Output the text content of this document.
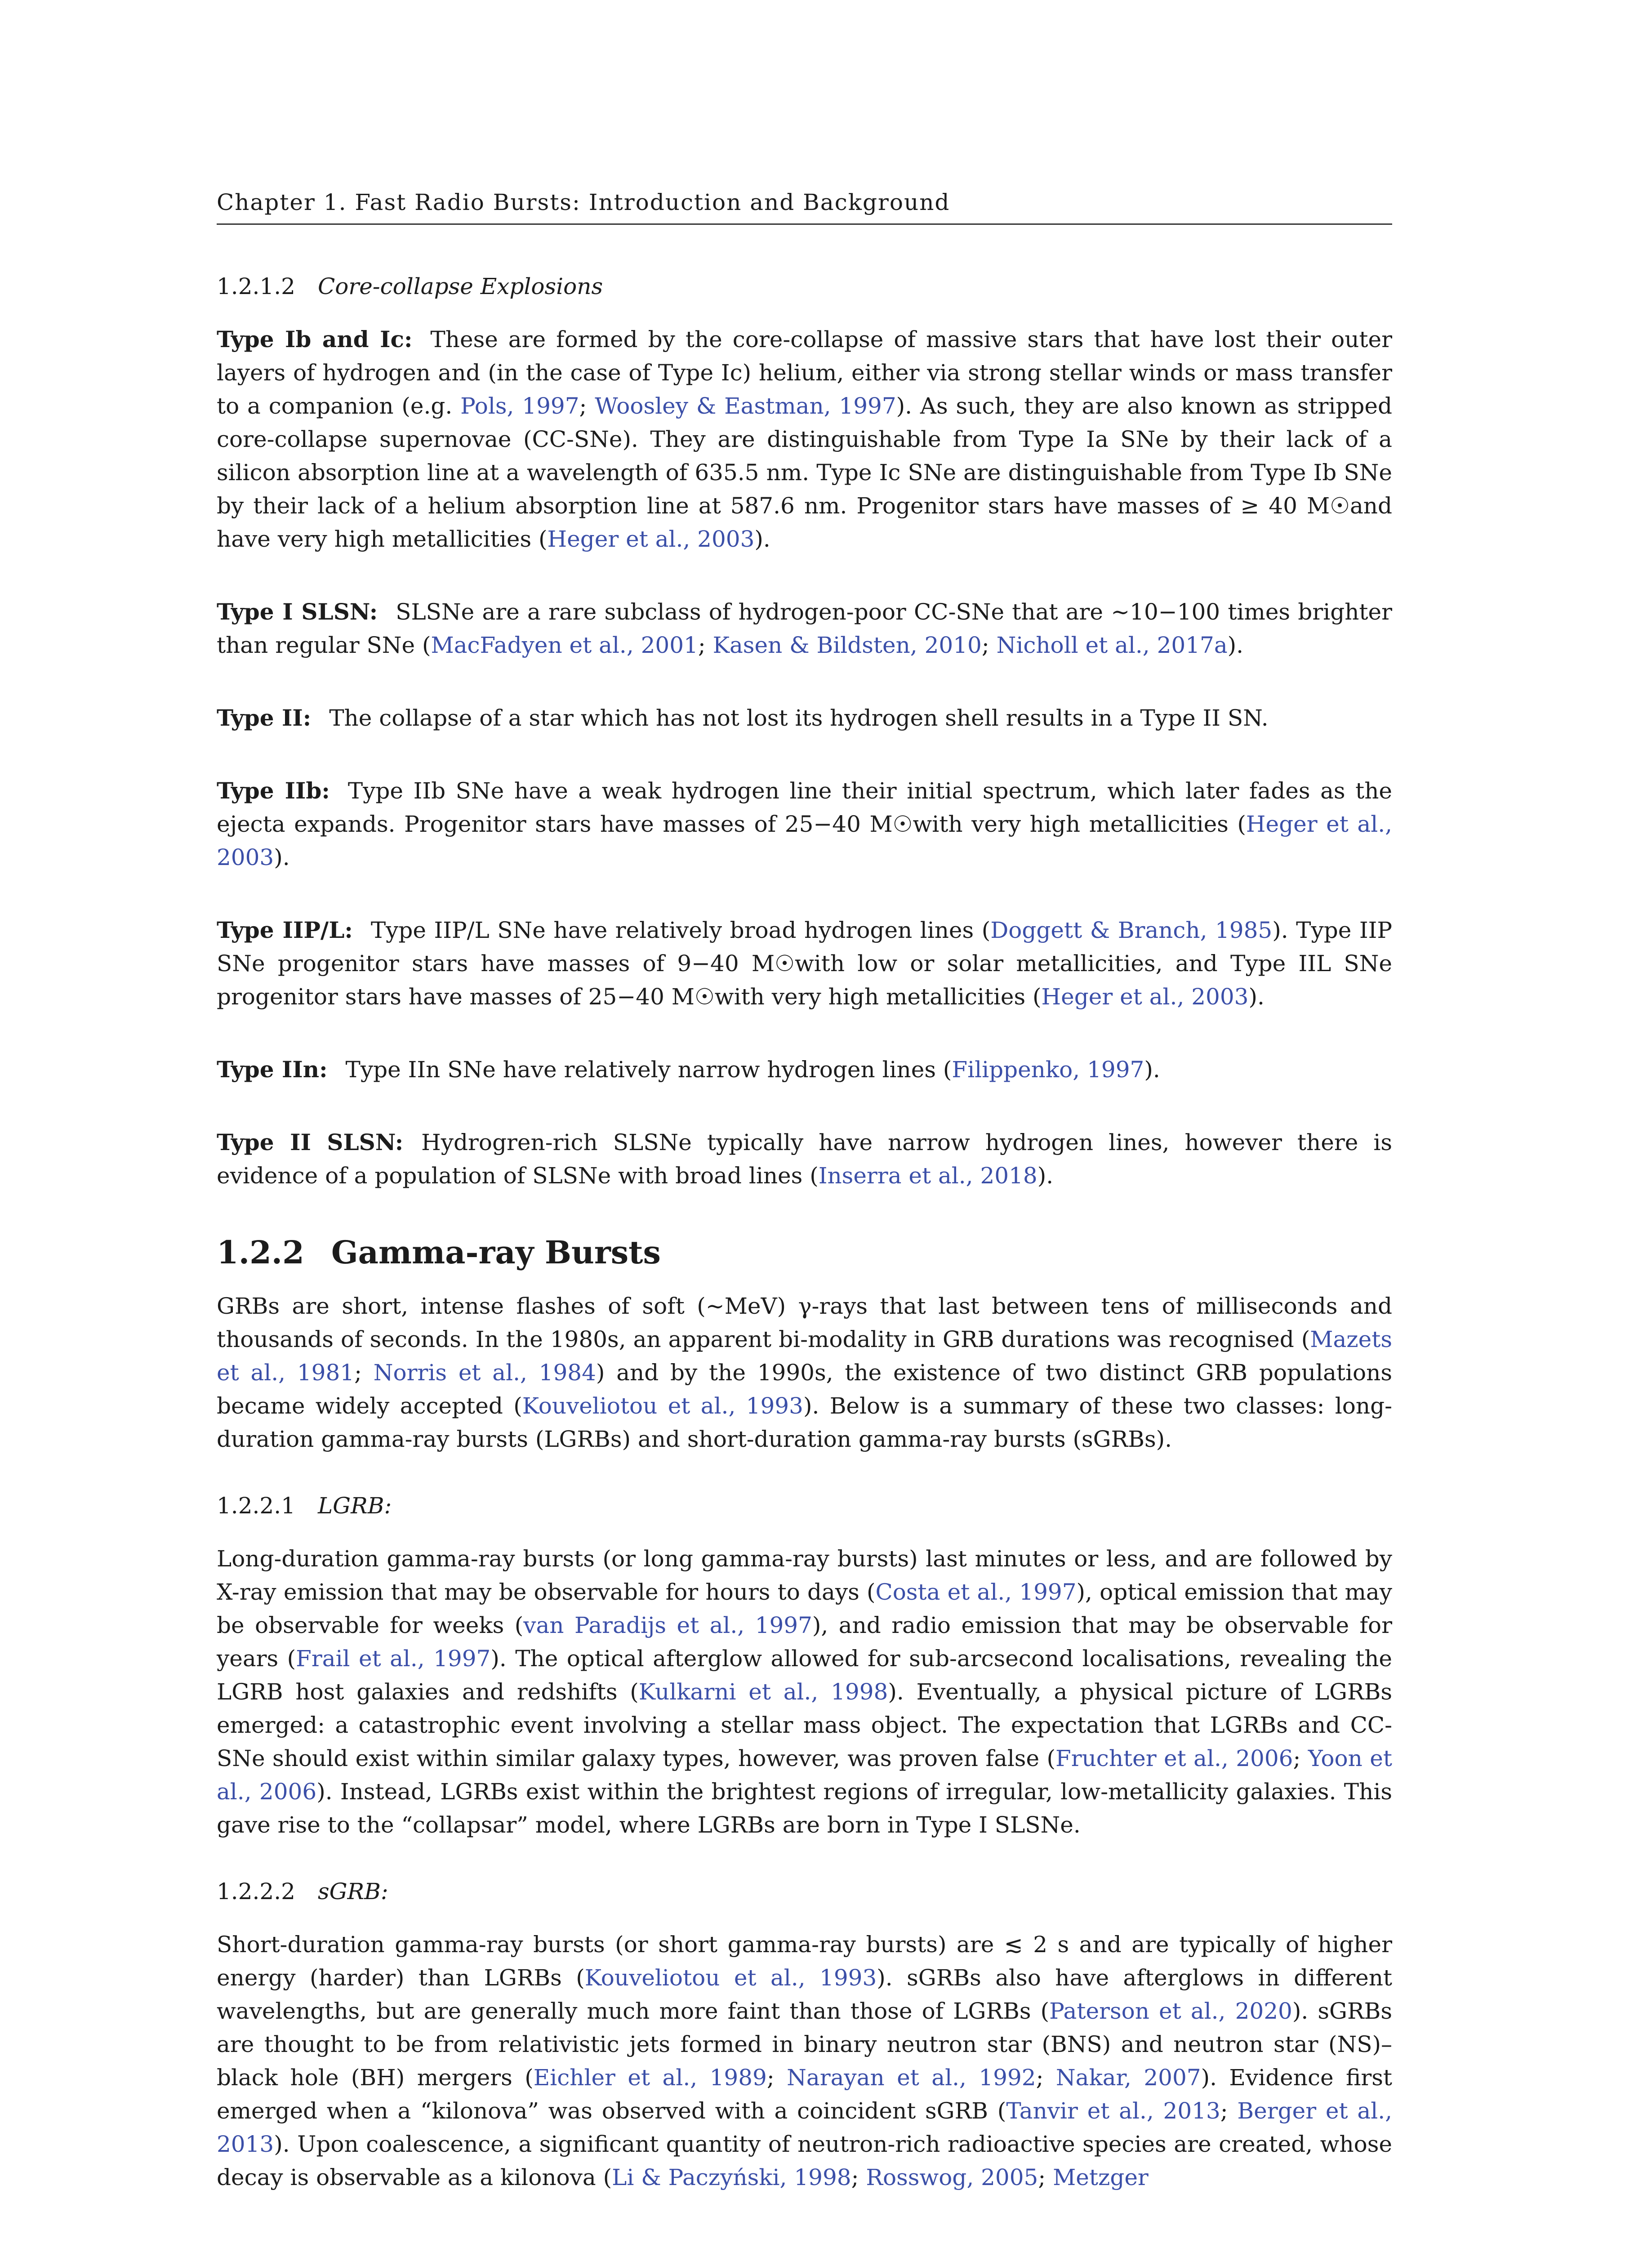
Chapter 1. Fast Radio Bursts: Introduction and Background
1.2.1.2 Core-collapse Explosions

Type Ib and Ic: These are formed by the core-collapse of massive stars that have lost their outer layers of hydrogen and (in the case of Type Ic) helium, either via strong stellar winds or mass transfer to a companion (e.g. Pols, 1997; Woosley & Eastman, 1997). As such, they are also known as stripped core-collapse supernovae (CC-SNe). They are distinguishable from Type Ia SNe by their lack of a silicon absorption line at a wavelength of 635.5 nm. Type Ic SNe are distinguishable from Type Ib SNe by their lack of a helium absorption line at 587.6 nm. Progenitor stars have masses of ≥ 40 M☉and have very high metallicities (Heger et al., 2003).

Type I SLSN: SLSNe are a rare subclass of hydrogen-poor CC-SNe that are ∼10−100 times brighter than regular SNe (MacFadyen et al., 2001; Kasen & Bildsten, 2010; Nicholl et al., 2017a).

Type II: The collapse of a star which has not lost its hydrogen shell results in a Type II SN.

Type IIb: Type IIb SNe have a weak hydrogen line their initial spectrum, which later fades as the ejecta expands. Progenitor stars have masses of 25−40 M☉with very high metallicities (Heger et al., 2003).

Type IIP/L: Type IIP/L SNe have relatively broad hydrogen lines (Doggett & Branch, 1985). Type IIP SNe progenitor stars have masses of 9−40 M☉with low or solar metallicities, and Type IIL SNe progenitor stars have masses of 25−40 M☉with very high metallicities (Heger et al., 2003).

Type IIn: Type IIn SNe have relatively narrow hydrogen lines (Filippenko, 1997).

Type II SLSN: Hydrogren-rich SLSNe typically have narrow hydrogen lines, however there is evidence of a population of SLSNe with broad lines (Inserra et al., 2018).

1.2.2 Gamma-ray Bursts

GRBs are short, intense flashes of soft (∼MeV) γ-rays that last between tens of milliseconds and thousands of seconds. In the 1980s, an apparent bi-modality in GRB durations was recognised (Mazets et al., 1981; Norris et al., 1984) and by the 1990s, the existence of two distinct GRB populations became widely accepted (Kouveliotou et al., 1993). Below is a summary of these two classes: long-duration gamma-ray bursts (LGRBs) and short-duration gamma-ray bursts (sGRBs).

1.2.2.1 LGRB:

Long-duration gamma-ray bursts (or long gamma-ray bursts) last minutes or less, and are followed by X-ray emission that may be observable for hours to days (Costa et al., 1997), optical emission that may be observable for weeks (van Paradijs et al., 1997), and radio emission that may be observable for years (Frail et al., 1997). The optical afterglow allowed for sub-arcsecond localisations, revealing the LGRB host galaxies and redshifts (Kulkarni et al., 1998). Eventually, a physical picture of LGRBs emerged: a catastrophic event involving a stellar mass object. The expectation that LGRBs and CC-SNe should exist within similar galaxy types, however, was proven false (Fruchter et al., 2006; Yoon et al., 2006). Instead, LGRBs exist within the brightest regions of irregular, low-metallicity galaxies. This gave rise to the “collapsar” model, where LGRBs are born in Type I SLSNe.

1.2.2.2 sGRB:

Short-duration gamma-ray bursts (or short gamma-ray bursts) are ≲ 2 s and are typically of higher energy (harder) than LGRBs (Kouveliotou et al., 1993). sGRBs also have afterglows in different wavelengths, but are generally much more faint than those of LGRBs (Paterson et al., 2020). sGRBs are thought to be from relativistic jets formed in binary neutron star (BNS) and neutron star (NS)–black hole (BH) mergers (Eichler et al., 1989; Narayan et al., 1992; Nakar, 2007). Evidence first emerged when a “kilonova” was observed with a coincident sGRB (Tanvir et al., 2013; Berger et al., 2013). Upon coalescence, a significant quantity of neutron-rich radioactive species are created, whose decay is observable as a kilonova (Li & Paczyński, 1998; Rosswog, 2005; Metzger
